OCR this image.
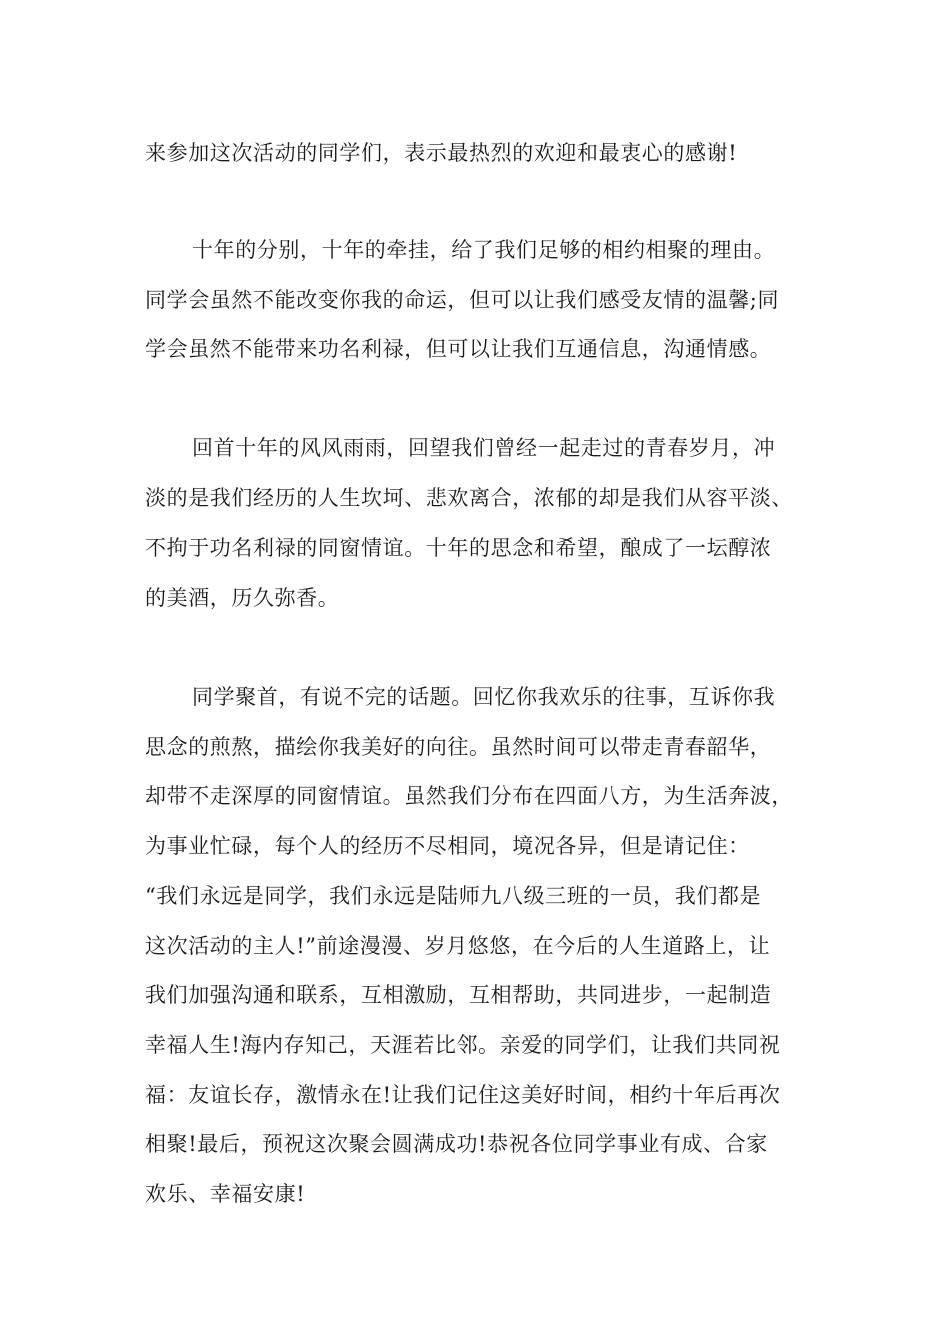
来参加这次活动的同学们，表示最热烈的欢迎和最衷心的感谢!
十年的分别，十年的牵挂，给了我们足够的相约相聚的理由。
同学会虽然不能改变你我的命运，但可以让我们感受友情的温馨;同
学会虽然不能带来功名利禄，但可以让我们互通信息，沟通情感。
回首十年的风风雨雨，回望我们曾经一起走过的青春岁月，冲
淡的是我们经历的人生坎坷、悲欢离合，浓郁的却是我们从容平淡、
不拘于功名利禄的同窗情谊。十年的思念和希望，酿成了一坛醇浓
的美酒，历久弥香。
同学聚首，有说不完的话题。回忆你我欢乐的往事，互诉你我
思念的煎熬，描绘你我美好的向往。虽然时间可以带走青春韶华，
却带不走深厚的同窗情谊。虽然我们分布在四面八方，为生活奔波，
为事业忙碌，每个人的经历不尽相同，境况各异，但是请记住：
“我们永远是同学，我们永远是陆师九八级三班的一员，我们都是
这次活动的主人!”前途漫漫、岁月悠悠，在今后的人生道路上，让
我们加强沟通和联系，互相激励，互相帮助，共同进步，一起制造
幸福人生!海内存知己，天涯若比邻。亲爱的同学们，让我们共同祝
福：友谊长存，激情永在!让我们记住这美好时间，相约十年后再次
相聚!最后，预祝这次聚会圆满成功!恭祝各位同学事业有成、合家
欢乐、幸福安康!
